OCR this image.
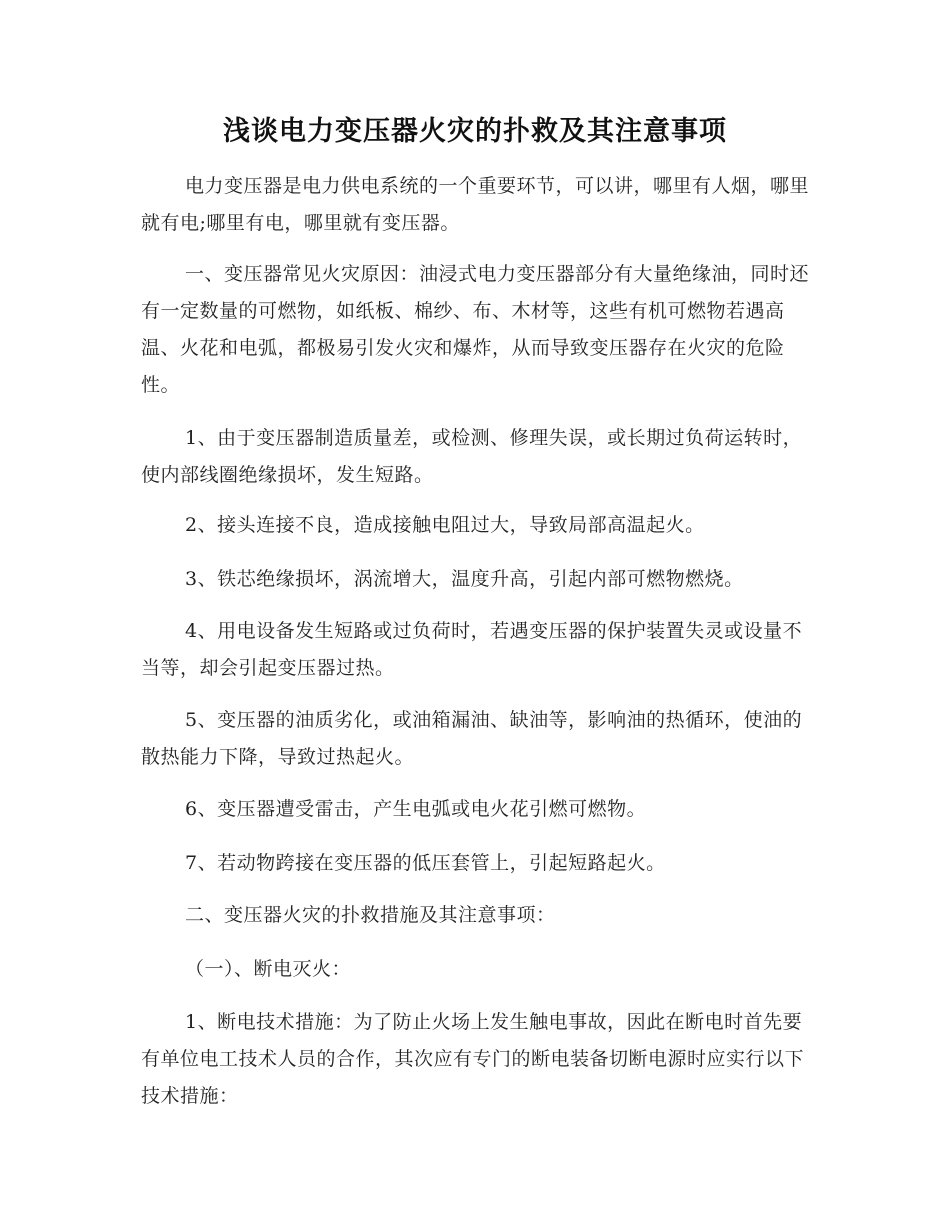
浅谈电力变压器火灾的扑救及其注意事项

电力变压器是电力供电系统的一个重要环节，可以讲，哪里有人烟，哪里就有电;哪里有电，哪里就有变压器。

一、变压器常见火灾原因：油浸式电力变压器部分有大量绝缘油，同时还有一定数量的可燃物，如纸板、棉纱、布、木材等，这些有机可燃物若遇高温、火花和电弧，都极易引发火灾和爆炸，从而导致变压器存在火灾的危险性。

1、由于变压器制造质量差，或检测、修理失误，或长期过负荷运转时，使内部线圈绝缘损坏，发生短路。

2、接头连接不良，造成接触电阻过大，导致局部高温起火。

3、铁芯绝缘损坏，涡流增大，温度升高，引起内部可燃物燃烧。

4、用电设备发生短路或过负荷时，若遇变压器的保护装置失灵或设量不当等，却会引起变压器过热。

5、变压器的油质劣化，或油箱漏油、缺油等，影响油的热循环，使油的散热能力下降，导致过热起火。

6、变压器遭受雷击，产生电弧或电火花引燃可燃物。

7、若动物跨接在变压器的低压套管上，引起短路起火。

二、变压器火灾的扑救措施及其注意事项：

（一）、断电灭火：

1、断电技术措施：为了防止火场上发生触电事故，因此在断电时首先要有单位电工技术人员的合作，其次应有专门的断电装备切断电源时应实行以下技术措施：
